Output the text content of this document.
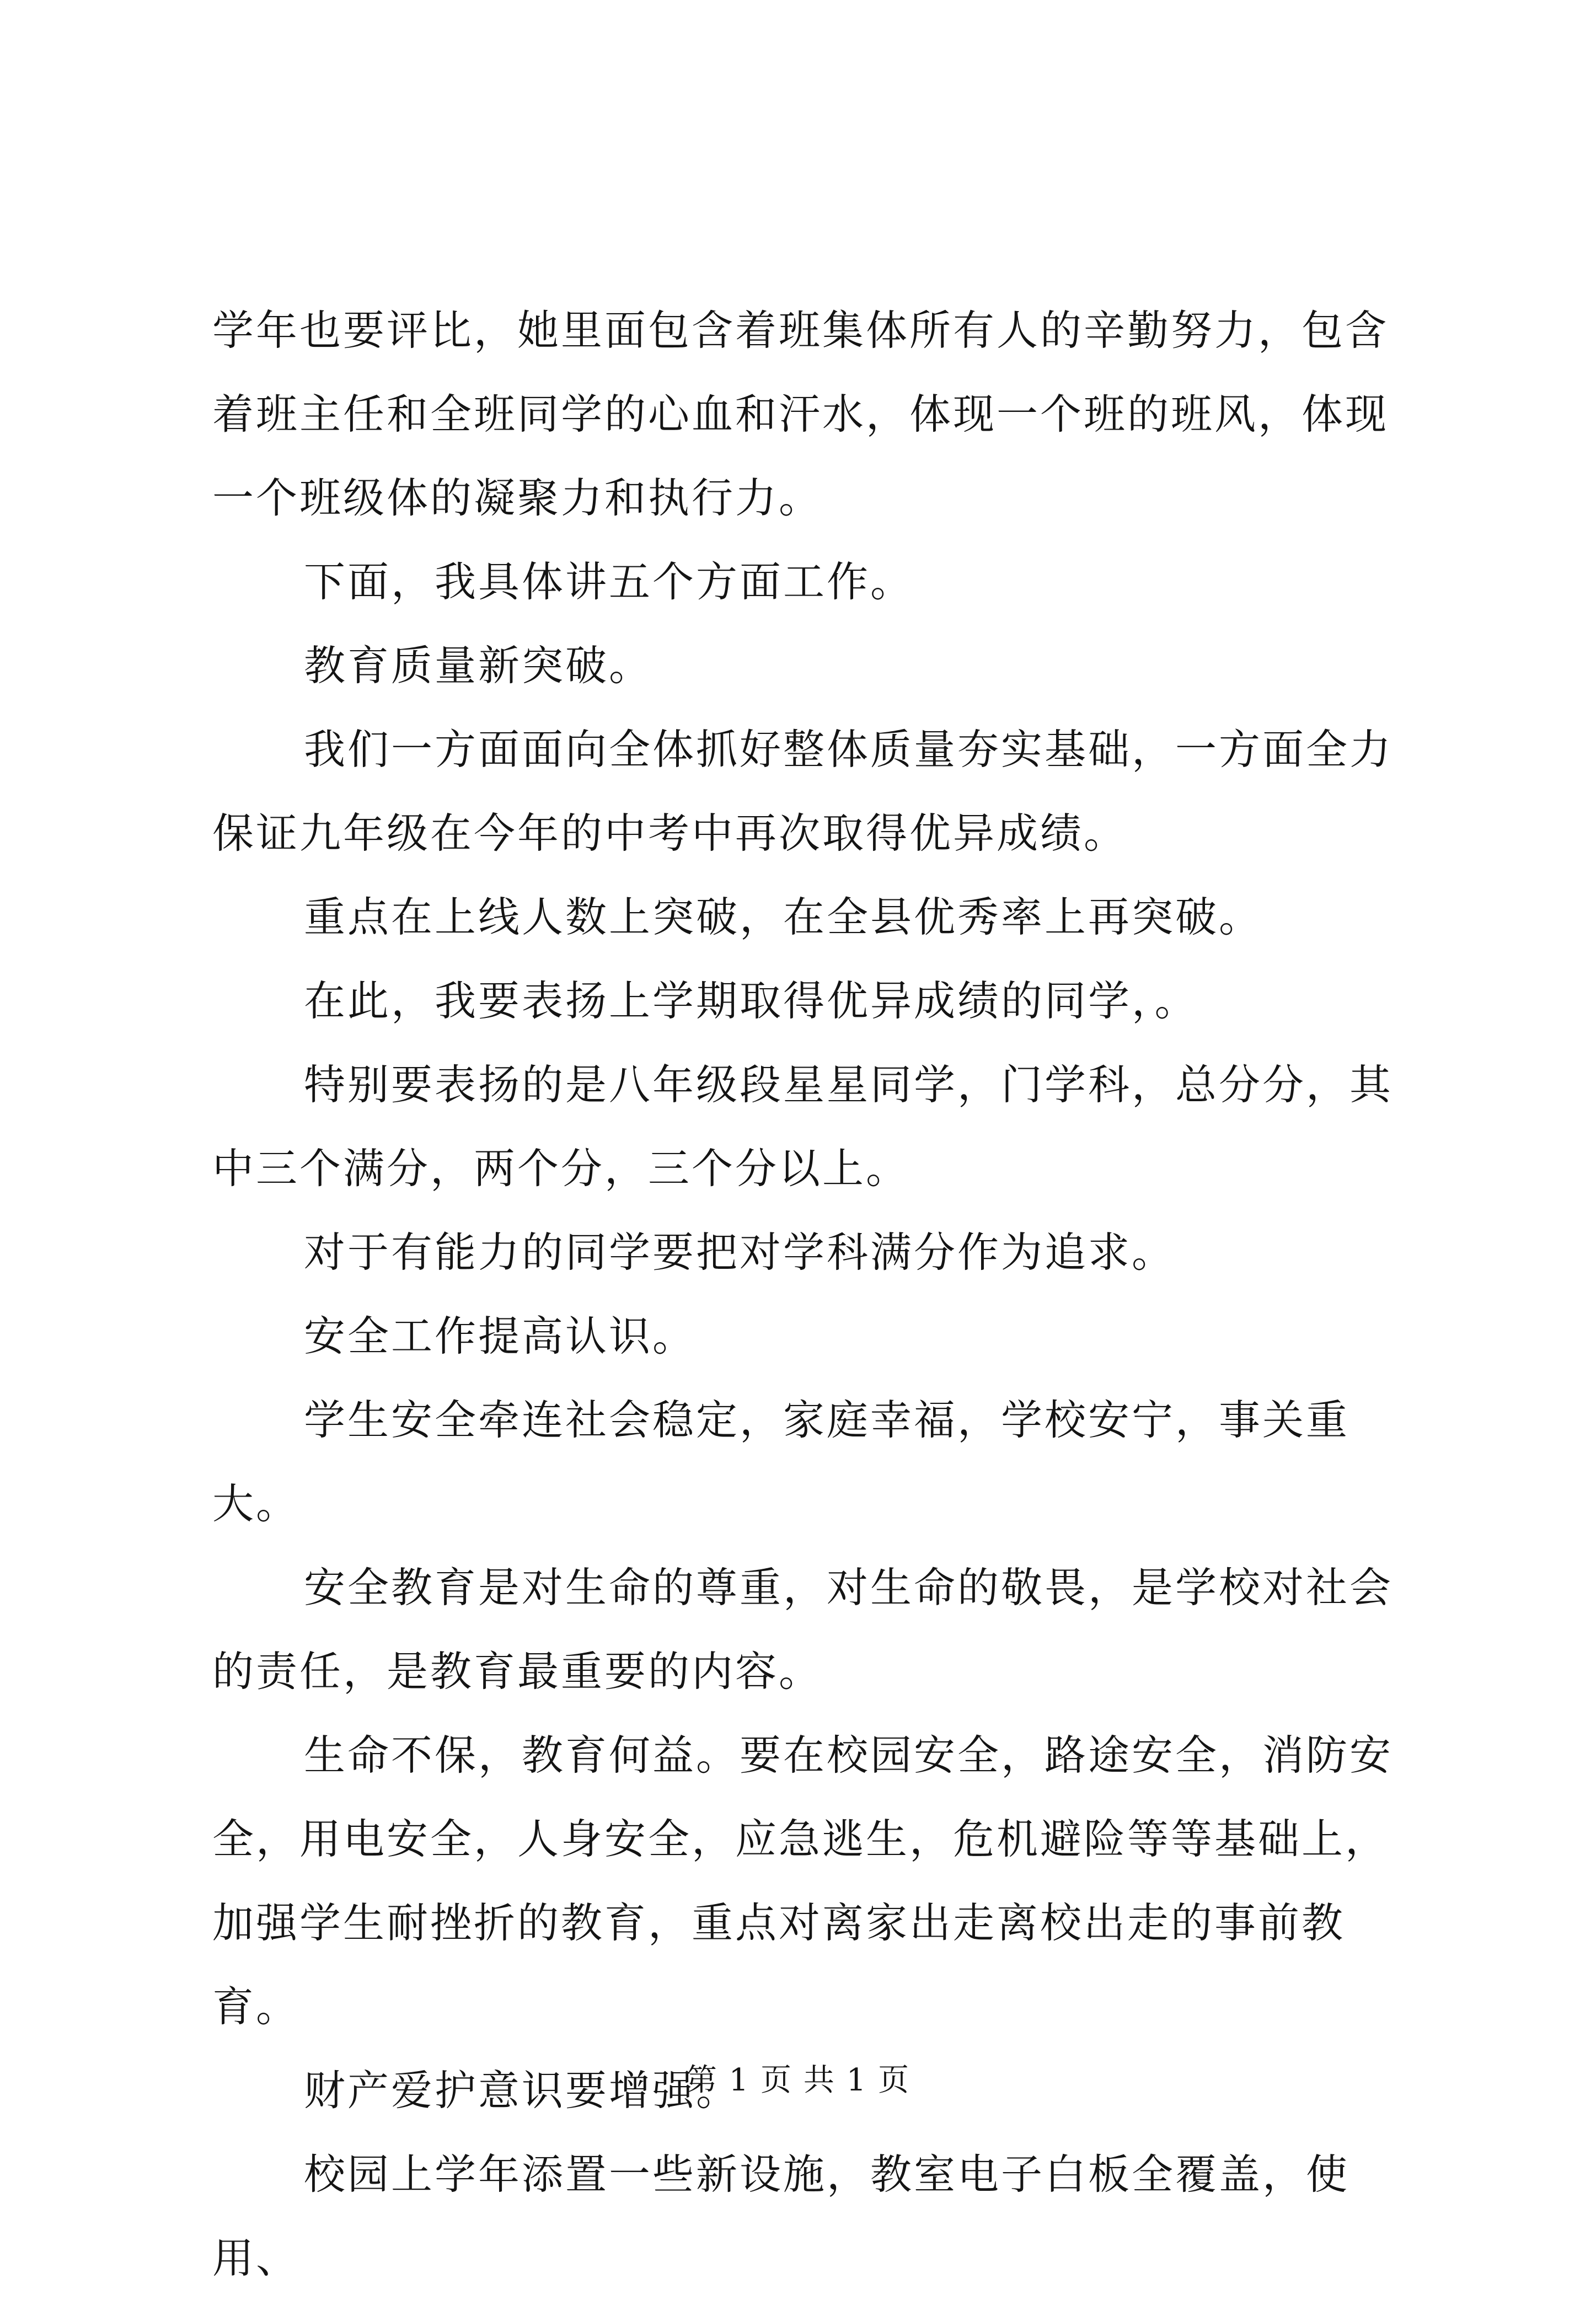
学年也要评比，她里面包含着班集体所有人的辛勤努力，包含着班主任和全班同学的心血和汗水，体现一个班的班风，体现一个班级体的凝聚力和执行力。

下面，我具体讲五个方面工作。

教育质量新突破。

我们一方面面向全体抓好整体质量夯实基础，一方面全力保证九年级在今年的中考中再次取得优异成绩。

重点在上线人数上突破，在全县优秀率上再突破。

在此，我要表扬上学期取得优异成绩的同学，。

特别要表扬的是八年级段星星同学，门学科，总分分，其中三个满分，两个分，三个分以上。

对于有能力的同学要把对学科满分作为追求。

安全工作提高认识。

学生安全牵连社会稳定，家庭幸福，学校安宁，事关重大。

安全教育是对生命的尊重，对生命的敬畏，是学校对社会的责任，是教育最重要的内容。

生命不保，教育何益。要在校园安全，路途安全，消防安全，用电安全，人身安全，应急逃生，危机避险等等基础上，加强学生耐挫折的教育，重点对离家出走离校出走的事前教育。

财产爱护意识要增强。

校园上学年添置一些新设施，教室电子白板全覆盖，使用、

第 1 页 共 1 页
